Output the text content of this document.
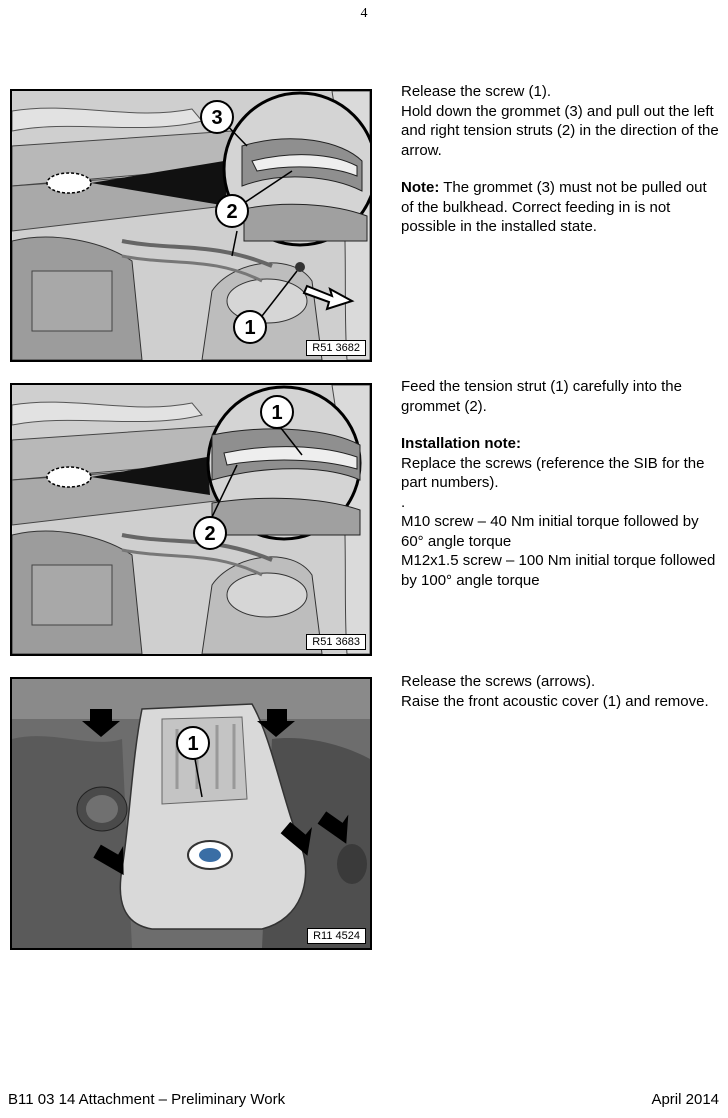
4
3
2
1
R51 3682

Release the screw (1).

Hold down the grommet (3) and pull out the left and right tension struts (2) in the direction of the arrow.

Note: The grommet (3) must not be pulled out of the bulkhead. Correct feeding in is not possible in the installed state.

1
2
R51 3683

Feed the tension strut (1) carefully into the grommet (2).

Installation note:

Replace the screws (reference the SIB for the part numbers).

.

M10 screw – 40 Nm initial torque followed by 60° angle torque

M12x1.5 screw – 100 Nm initial torque followed by 100° angle torque

1
R11 4524

Release the screws (arrows).

Raise the front acoustic cover (1) and remove.

B11 03 14 Attachment – Preliminary Work	April 2014
